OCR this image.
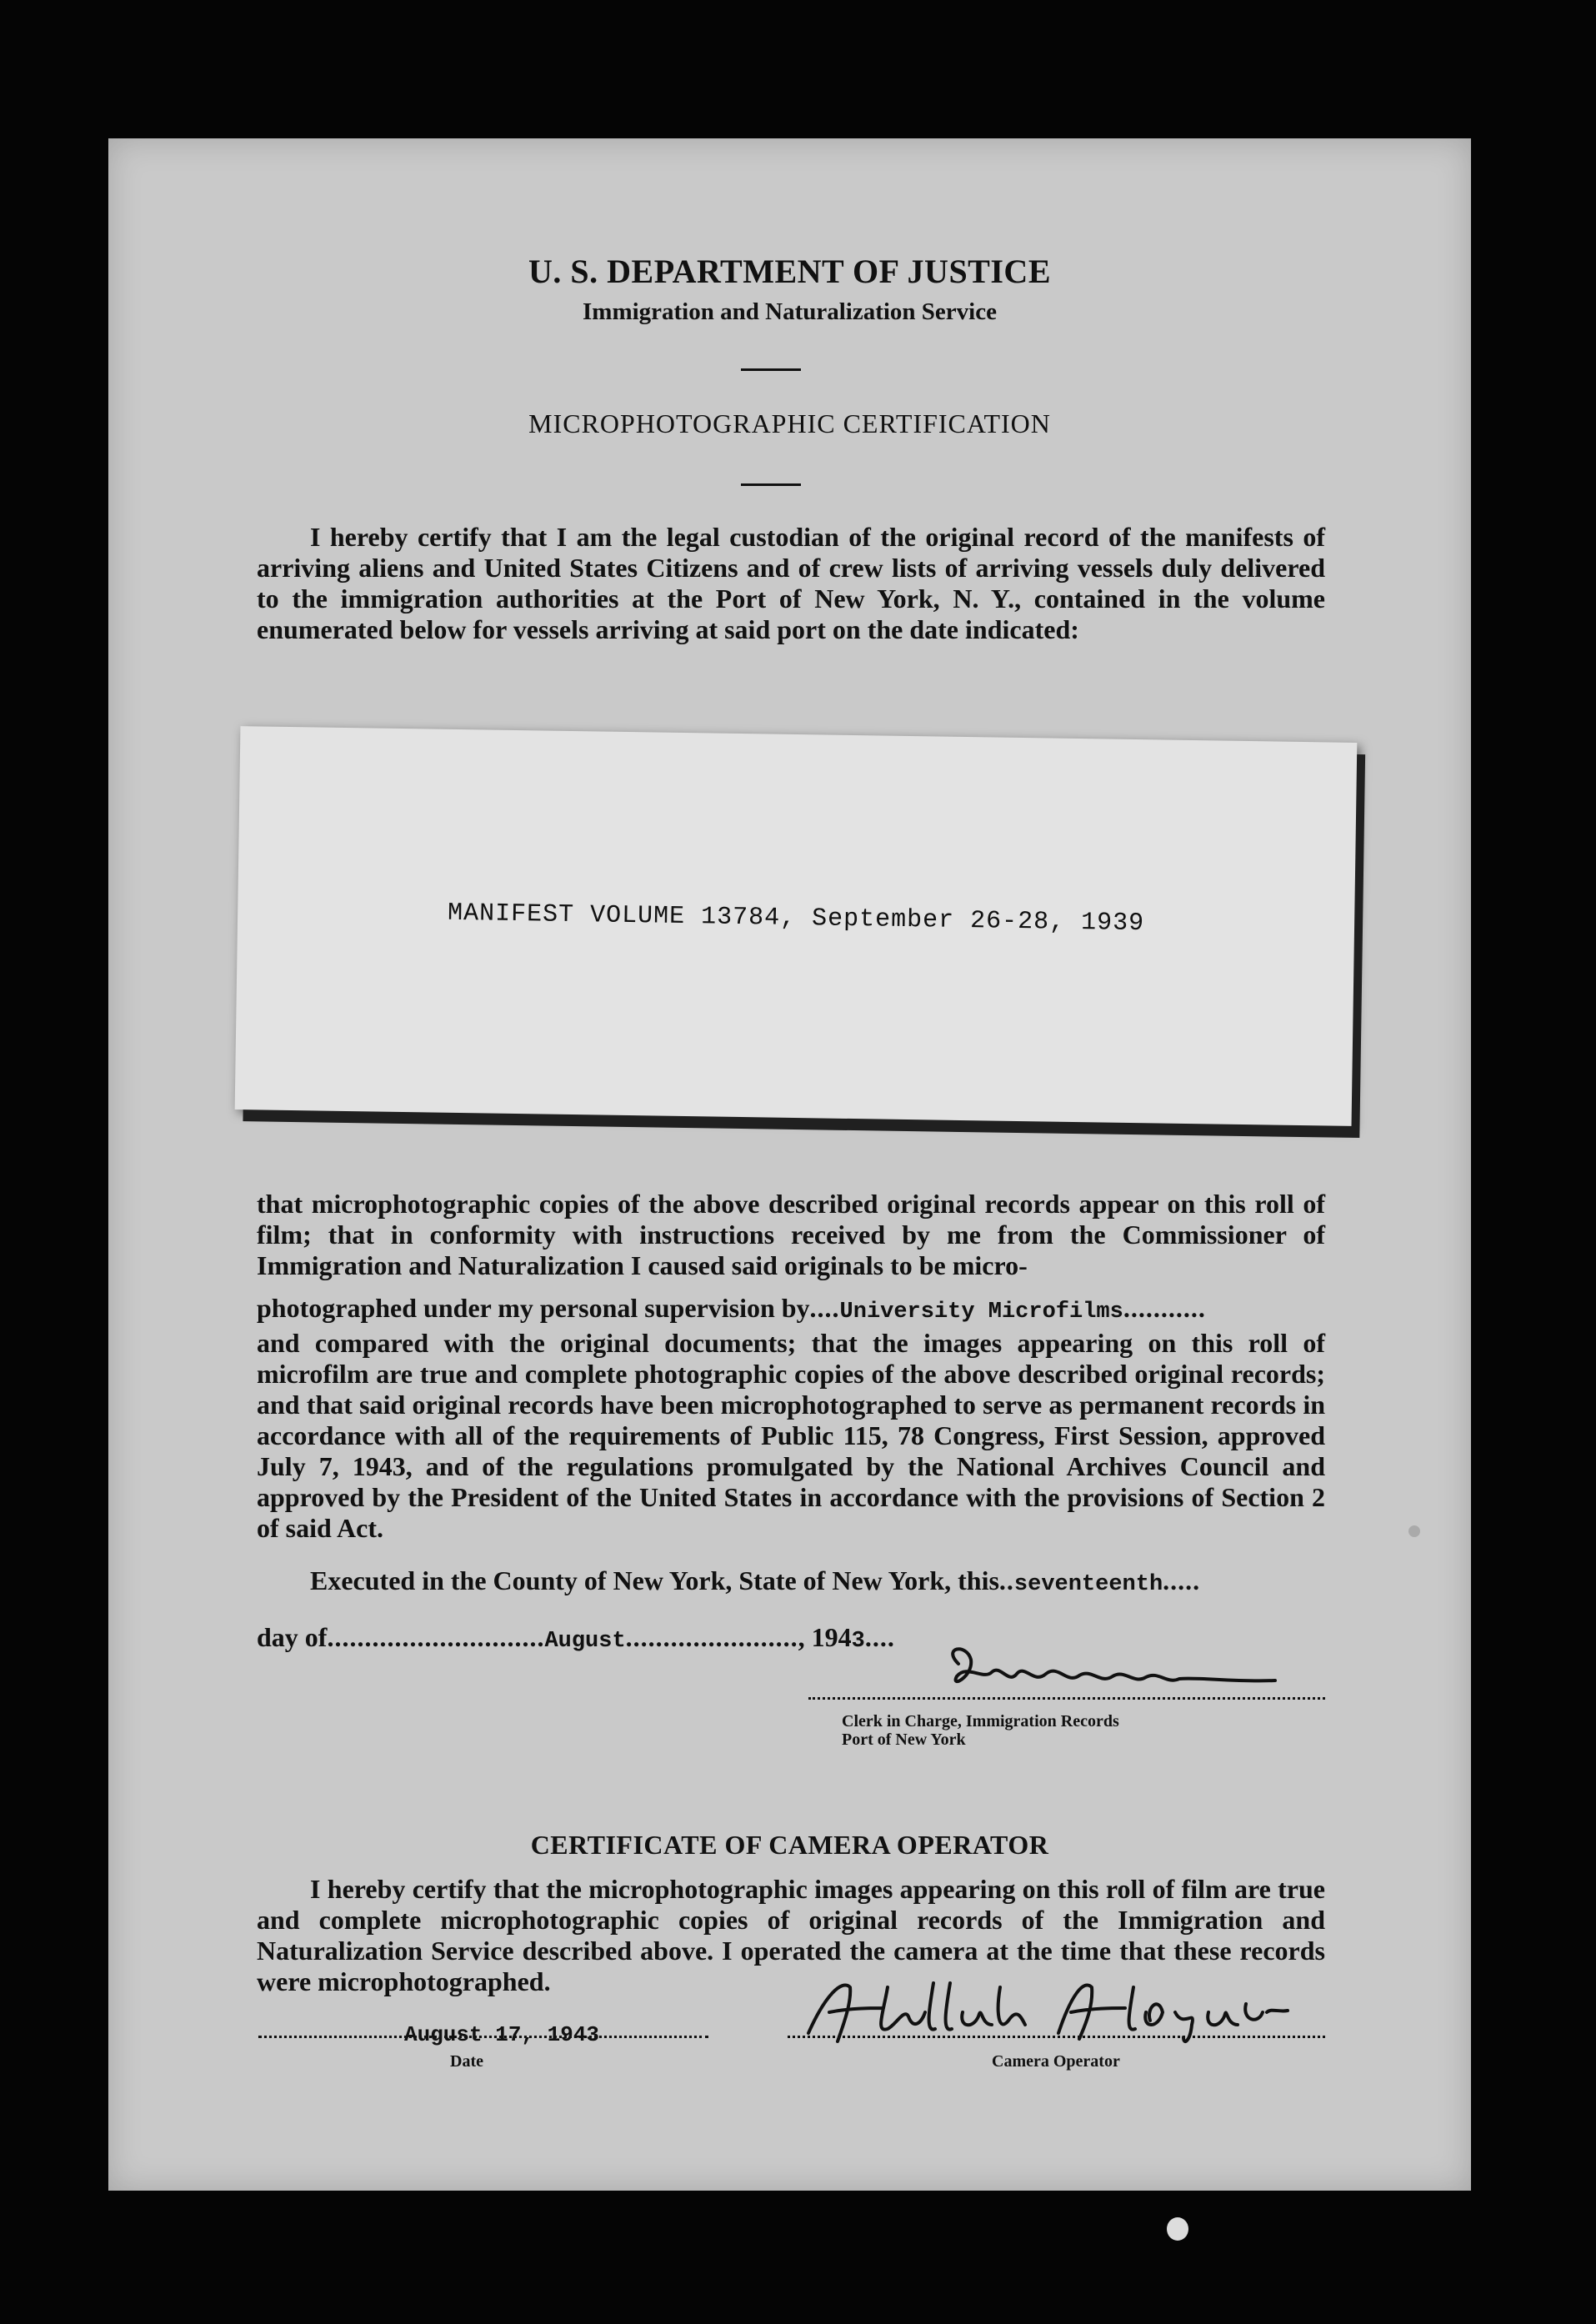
U. S. DEPARTMENT OF JUSTICE
Immigration and Naturalization Service
MICROPHOTOGRAPHIC CERTIFICATION

I hereby certify that I am the legal custodian of the original record of the manifests of arriving aliens and United States Citizens and of crew lists of arriving vessels duly delivered to the immigration authorities at the Port of New York, N. Y., contained in the volume enumerated below for vessels arriving at said port on the date indicated:

MANIFEST VOLUME 13784, September 26-28, 1939
that microphotographic copies of the above described original records appear on this roll of film; that in conformity with instructions received by me from the Commissioner of Immigration and Naturalization I caused said originals to be micro-
photographed under my personal supervision by....University Microfilms...........
and compared with the original documents; that the images appearing on this roll of microfilm are true and complete photographic copies of the above described original records; and that said original records have been microphotographed to serve as permanent records in accordance with all of the requirements of Public 115, 78 Congress, First Session, approved July 7, 1943, and of the regulations promulgated by the National Archives Council and approved by the President of the United States in accordance with the provisions of Section 2 of said Act.
Executed in the County of New York, State of New York, this..seventeenth.....
day of.............................August......................., 1943....
Clerk in Charge, Immigration Records
Port of New York
CERTIFICATE OF CAMERA OPERATOR

I hereby certify that the microphotographic images appearing on this roll of film are true and complete microphotographic copies of original records of the Immigration and Naturalization Service described above. I operated the camera at the time that these records were microphotographed.

August 17, 1943
Date	Camera Operator
